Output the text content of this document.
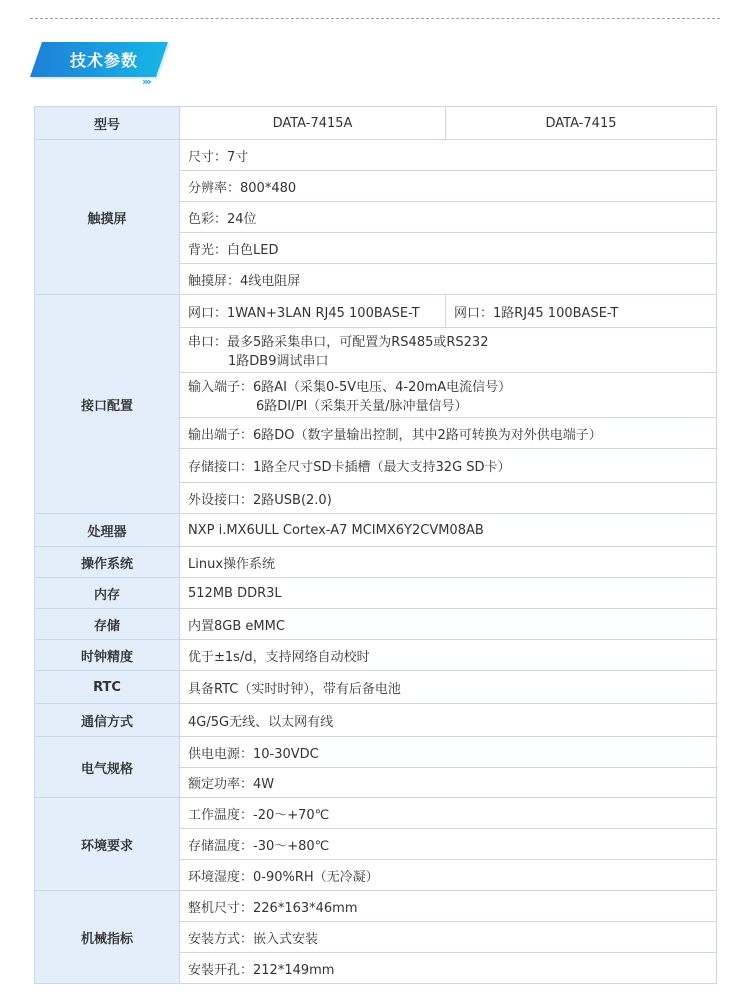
技术参数
›››
型号	DATA-7415A	DATA-7415
触摸屏	尺寸：7寸	
	分辨率：800*480	
	色彩：24位	
	背光：白色LED	
	触摸屏：4线电阻屏	
接口配置	网口：1WAN+3LAN RJ45 100BASE-T	网口：1路RJ45 100BASE-T

	串口：最多5路采集串口，可配置为RS485或RS232
1路DB9调试串口	

	输入端子：6路AI（采集0-5V电压、4-20mA电流信号）
6路DI/PI（采集开关量/脉冲量信号）	

	输出端子：6路DO（数字量输出控制，其中2路可转换为对外供电端子）	
	存储接口：1路全尺寸SD卡插槽（最大支持32G SD卡）	
	外设接口：2路USB(2.0)	
处理器	NXP i.MX6ULL Cortex-A7 MCIMX6Y2CVM08AB	
操作系统	Linux操作系统	
内存	512MB DDR3L	
存储	内置8GB eMMC	
时钟精度	优于±1s/d，支持网络自动校时	
RTC	具备RTC（实时时钟），带有后备电池	
通信方式	4G/5G无线、以太网有线	
电气规格	供电电源：10-30VDC	
	额定功率：4W	
环境要求	工作温度：-20～+70℃	
	存储温度：-30～+80℃	
	环境湿度：0-90%RH（无冷凝）	
机械指标	整机尺寸：226*163*46mm	
	安装方式：嵌入式安装	
	安装开孔：212*149mm	
